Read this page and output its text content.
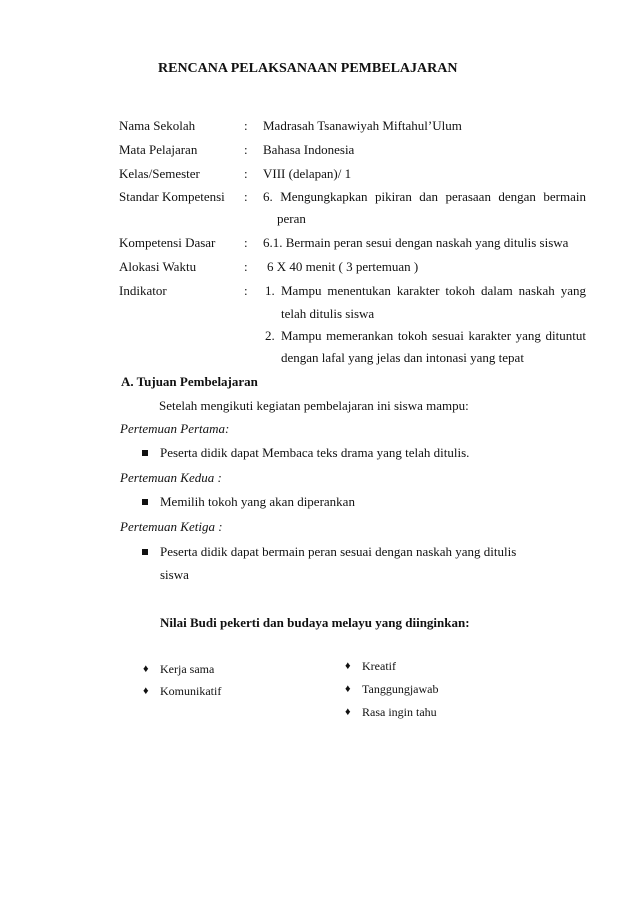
RENCANA PELAKSANAAN PEMBELAJARAN
Nama Sekolah	: Madrasah Tsanawiyah Miftahul’Ulum
Mata Pelajaran	: Bahasa Indonesia
Kelas/Semester	: VIII (delapan)/ 1
Standar Kompetensi : 6. Mengungkapkan pikiran dan perasaan dengan bermain
peran
Kompetensi Dasar : 6.1. Bermain peran sesui dengan naskah yang ditulis siswa
Alokasi Waktu	: 6 X 40 menit ( 3 pertemuan )
Indikator	: 1. Mampu menentukan karakter tokoh dalam naskah yang
telah ditulis siswa
2. Mampu memerankan tokoh sesuai karakter yang dituntut
dengan lafal yang jelas dan intonasi yang tepat
A. Tujuan Pembelajaran
Setelah mengikuti kegiatan pembelajaran ini siswa mampu:
Pertemuan Pertama:
Peserta didik dapat Membaca teks drama yang telah ditulis.
Pertemuan Kedua :
Memilih tokoh yang akan diperankan
Pertemuan Ketiga :
Peserta didik dapat bermain peran sesuai dengan naskah yang ditulis
siswa
Nilai Budi pekerti dan budaya melayu yang diinginkan:
♦ Kerja sama
♦ Komunikatif
♦ Kreatif
♦ Tanggungjawab
♦ Rasa ingin tahu
